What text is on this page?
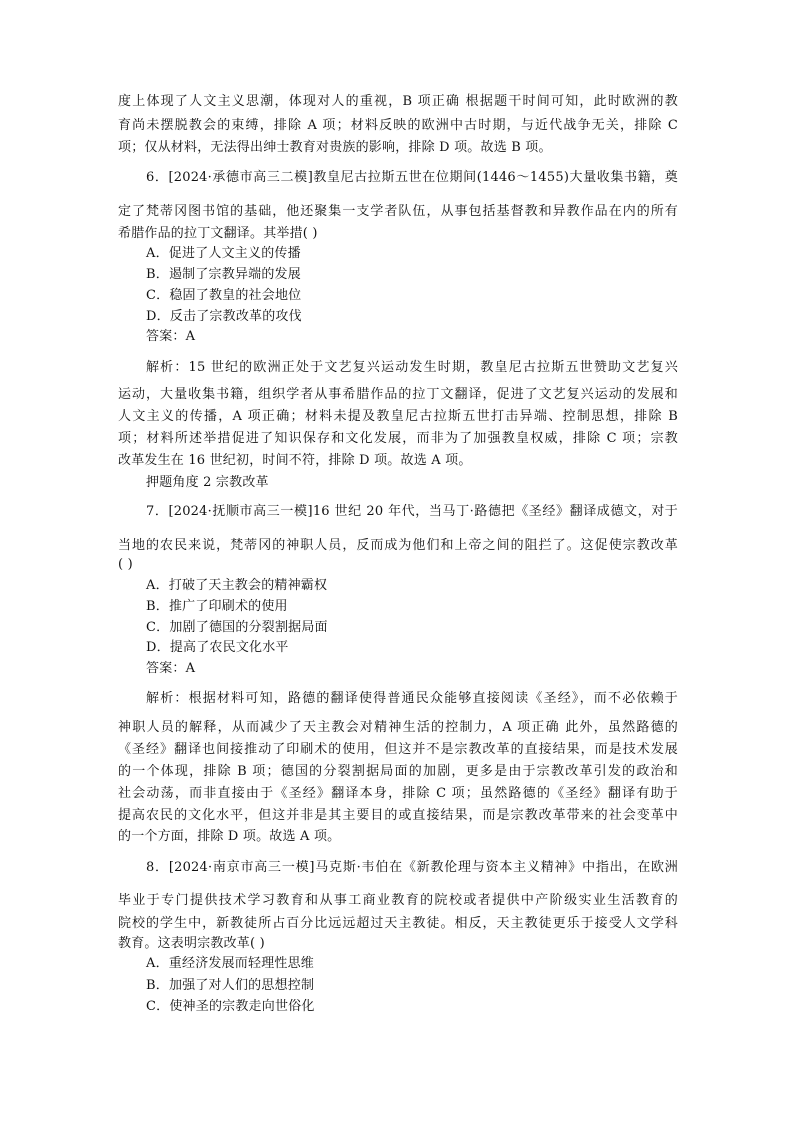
度上体现了人文主义思潮，体现对人的重视，B 项正确 根据题干时间可知，此时欧洲的教
育尚未摆脱教会的束缚，排除 A 项；材料反映的欧洲中古时期，与近代战争无关，排除 C
项；仅从材料，无法得出绅士教育对贵族的影响，排除 D 项。故选 B 项。
6．[2024·承德市高三二模]教皇尼古拉斯五世在位期间(1446～1455)大量收集书籍，奠
定了梵蒂冈图书馆的基础，他还聚集一支学者队伍，从事包括基督教和异教作品在内的所有
希腊作品的拉丁文翻译。其举措( )
A．促进了人文主义的传播
B．遏制了宗教异端的发展
C．稳固了教皇的社会地位
D．反击了宗教改革的攻伐
答案：A
解析：15 世纪的欧洲正处于文艺复兴运动发生时期，教皇尼古拉斯五世赞助文艺复兴
运动，大量收集书籍，组织学者从事希腊作品的拉丁文翻译，促进了文艺复兴运动的发展和
人文主义的传播，A 项正确；材料未提及教皇尼古拉斯五世打击异端、控制思想，排除 B
项；材料所述举措促进了知识保存和文化发展，而非为了加强教皇权威，排除 C 项；宗教
改革发生在 16 世纪初，时间不符，排除 D 项。故选 A 项。
押题角度 2 宗教改革
7．[2024·抚顺市高三一模]16 世纪 20 年代，当马丁·路德把《圣经》翻译成德文，对于
当地的农民来说，梵蒂冈的神职人员，反而成为他们和上帝之间的阻拦了。这促使宗教改革
( )
A．打破了天主教会的精神霸权
B．推广了印刷术的使用
C．加剧了德国的分裂割据局面
D．提高了农民文化水平
答案：A
解析：根据材料可知，路德的翻译使得普通民众能够直接阅读《圣经》，而不必依赖于
神职人员的解释，从而减少了天主教会对精神生活的控制力，A 项正确 此外，虽然路德的
《圣经》翻译也间接推动了印刷术的使用，但这并不是宗教改革的直接结果，而是技术发展
的一个体现，排除 B 项；德国的分裂割据局面的加剧，更多是由于宗教改革引发的政治和
社会动荡，而非直接由于《圣经》翻译本身，排除 C 项；虽然路德的《圣经》翻译有助于
提高农民的文化水平，但这并非是其主要目的或直接结果，而是宗教改革带来的社会变革中
的一个方面，排除 D 项。故选 A 项。
8．[2024·南京市高三一模]马克斯·韦伯在《新教伦理与资本主义精神》中指出，在欧洲
毕业于专门提供技术学习教育和从事工商业教育的院校或者提供中产阶级实业生活教育的
院校的学生中，新教徒所占百分比远远超过天主教徒。相反，天主教徒更乐于接受人文学科
教育。这表明宗教改革( )
A．重经济发展而轻理性思维
B．加强了对人们的思想控制
C．使神圣的宗教走向世俗化
